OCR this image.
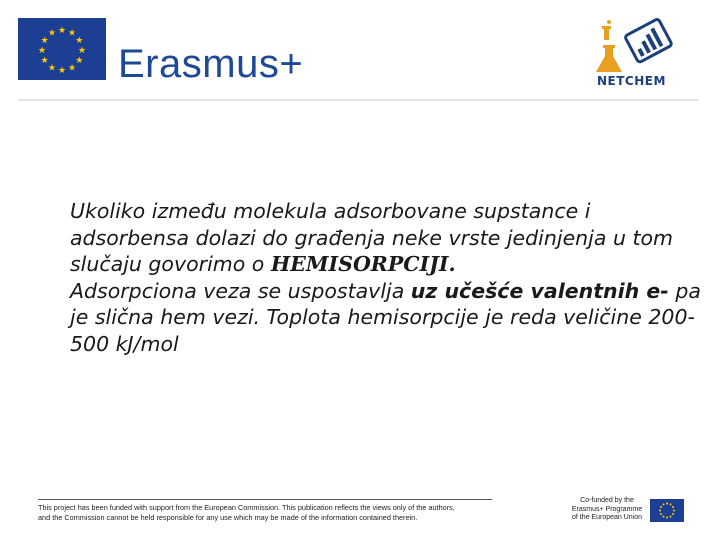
★ ★
★
★
★
★
★
★
★
★
★
★
Erasmus+	NETCHEM

Ukoliko između molekula adsorbovane supstance i adsorbensa dolazi do građenja neke vrste jedinjenja u tom slučaju govorimo o HEMISORPCIJI.

Adsorpciona veza se uspostavlja uz učešće valentnih e- pa je slična hem vezi. Toplota hemisorpcije je reda veličine 200-500 kJ/mol

This project has been funded with support from the European Commission. This publication reflects the views only of the authors,
and the Commission cannot be held responsible for any use which may be made of the information contained therein.
Co-funded by the
Erasmus+ Programme
of the European Union
